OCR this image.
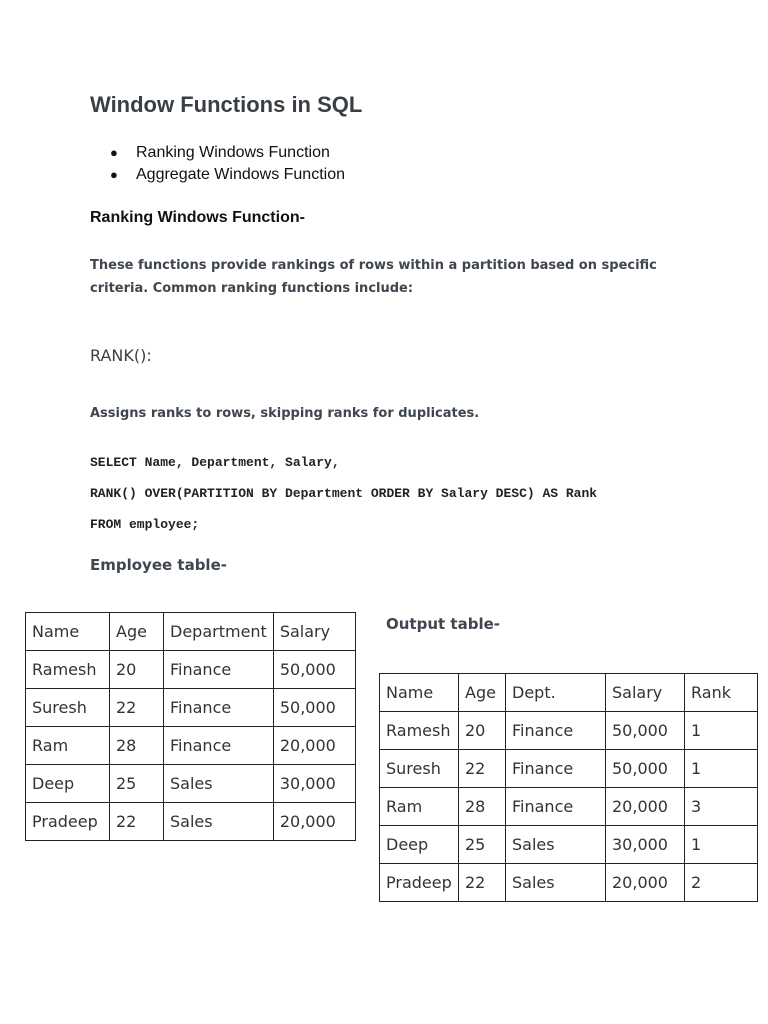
Window Functions in SQL
● Ranking Windows Function
● Aggregate Windows Function
Ranking Windows Function-
These functions provide rankings of rows within a partition based on specific criteria. Common ranking functions include:
RANK():
Assigns ranks to rows, skipping ranks for duplicates.
SELECT Name, Department, Salary,
RANK() OVER(PARTITION BY Department ORDER BY Salary DESC) AS Rank
FROM employee;
Employee table-
Name	Age	Department	Salary
Ramesh	20	Finance	50,000
Suresh	22	Finance	50,000
Ram	28	Finance	20,000
Deep	25	Sales	30,000
Pradeep	22	Sales	20,000
Output table-
Name	Age	Dept.	Salary	Rank
Ramesh	20	Finance	50,000	1
Suresh	22	Finance	50,000	1
Ram	28	Finance	20,000	3
Deep	25	Sales	30,000	1
Pradeep	22	Sales	20,000	2
